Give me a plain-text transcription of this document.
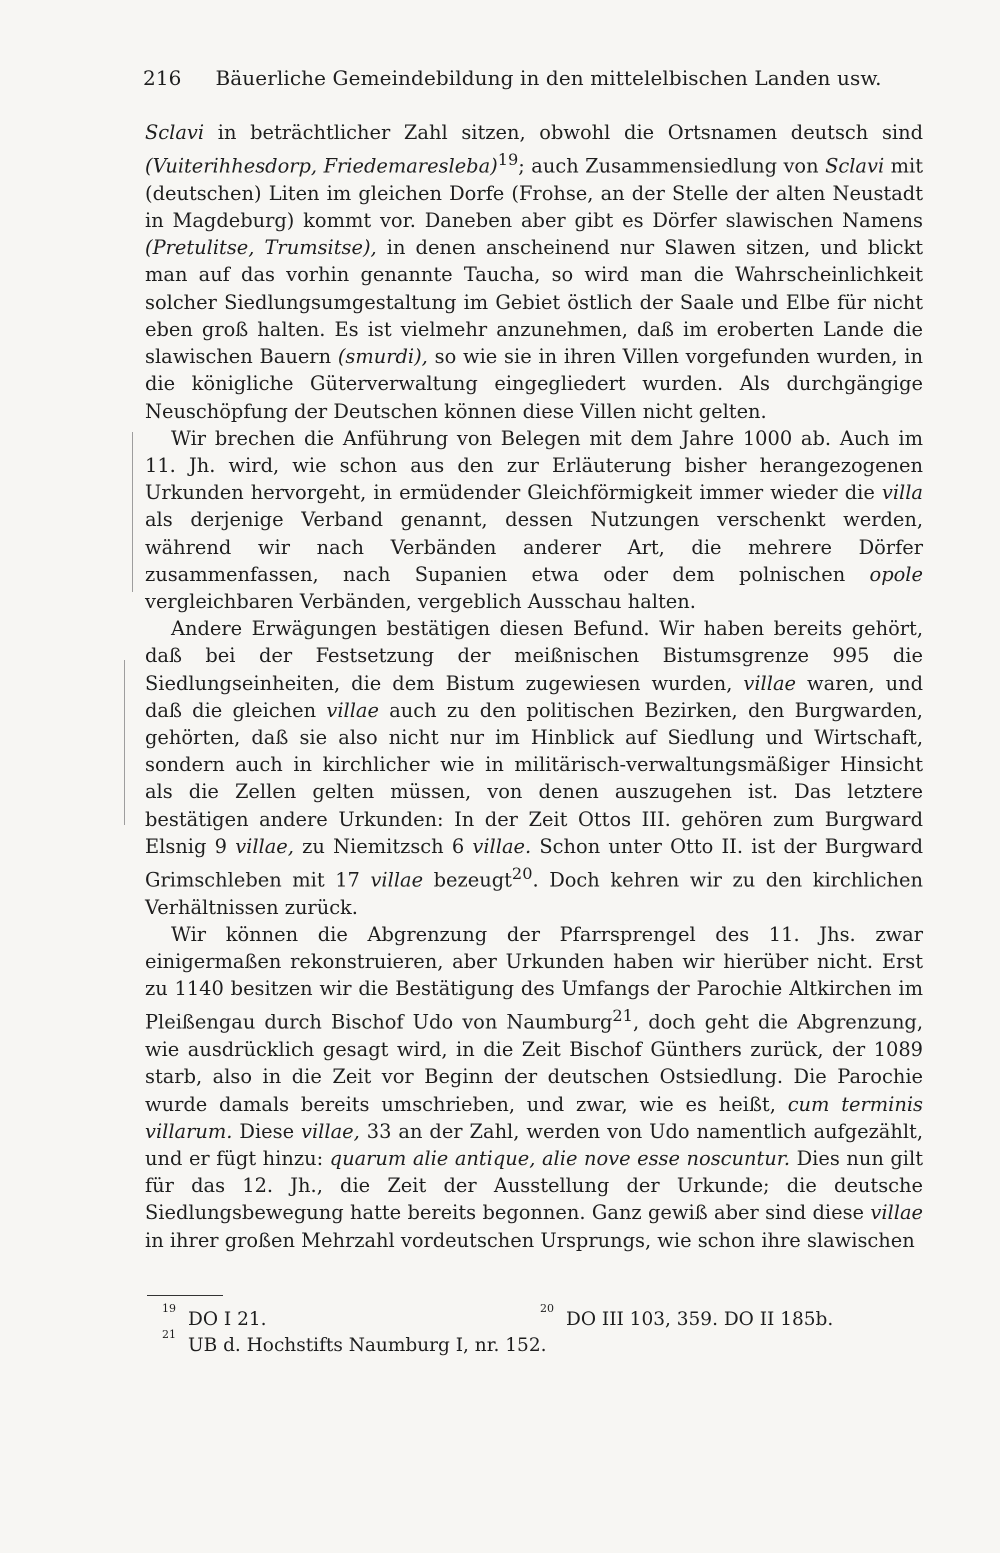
216 Bäuerliche Gemeindebildung in den mittelelbischen Landen usw.

Sclavi in beträchtlicher Zahl sitzen, obwohl die Ortsnamen deutsch sind (Vuiterihhesdorp, Friedemaresleba)$^{19}$; auch Zusammensiedlung von Sclavi mit (deutschen) Liten im gleichen Dorfe (Frohse, an der Stelle der alten Neustadt in Magdeburg) kommt vor. Daneben aber gibt es Dörfer slawischen Namens (Pretulitse, Trumsitse), in denen anscheinend nur Slawen sitzen, und blickt man auf das vorhin genannte Taucha, so wird man die Wahrscheinlichkeit solcher Siedlungsumgestaltung im Gebiet östlich der Saale und Elbe für nicht eben groß halten. Es ist vielmehr anzunehmen, daß im eroberten Lande die slawischen Bauern (smurdi), so wie sie in ihren Villen vorgefunden wurden, in die königliche Güterverwaltung eingegliedert wurden. Als durchgängige Neuschöpfung der Deutschen können diese Villen nicht gelten.

Wir brechen die Anführung von Belegen mit dem Jahre 1000 ab. Auch im 11. Jh. wird, wie schon aus den zur Erläuterung bisher herangezogenen Urkunden hervorgeht, in ermüdender Gleichförmigkeit immer wieder die villa als derjenige Verband genannt, dessen Nutzungen verschenkt werden, während wir nach Verbänden anderer Art, die mehrere Dörfer zusammenfassen, nach Supanien etwa oder dem polnischen opole vergleichbaren Verbänden, vergeblich Ausschau halten.

Andere Erwägungen bestätigen diesen Befund. Wir haben bereits gehört, daß bei der Festsetzung der meißnischen Bistumsgrenze 995 die Siedlungseinheiten, die dem Bistum zugewiesen wurden, villae waren, und daß die gleichen villae auch zu den politischen Bezirken, den Burgwarden, gehörten, daß sie also nicht nur im Hinblick auf Siedlung und Wirtschaft, sondern auch in kirchlicher wie in militärisch-verwaltungsmäßiger Hinsicht als die Zellen gelten müssen, von denen auszugehen ist. Das letztere bestätigen andere Urkunden: In der Zeit Ottos III. gehören zum Burgward Elsnig 9 villae, zu Niemitzsch 6 villae. Schon unter Otto II. ist der Burgward Grimschleben mit 17 villae bezeugt$^{20}$. Doch kehren wir zu den kirchlichen Verhältnissen zurück.

Wir können die Abgrenzung der Pfarrsprengel des 11. Jhs. zwar einigermaßen rekonstruieren, aber Urkunden haben wir hierüber nicht. Erst zu 1140 besitzen wir die Bestätigung des Umfangs der Parochie Altkirchen im Pleißengau durch Bischof Udo von Naumburg$^{21}$, doch geht die Abgrenzung, wie ausdrücklich gesagt wird, in die Zeit Bischof Günthers zurück, der 1089 starb, also in die Zeit vor Beginn der deutschen Ostsiedlung. Die Parochie wurde damals bereits umschrieben, und zwar, wie es heißt, cum terminis villarum. Diese villae, 33 an der Zahl, werden von Udo namentlich aufgezählt, und er fügt hinzu: quarum alie antique, alie nove esse noscuntur. Dies nun gilt für das 12. Jh., die Zeit der Ausstellung der Urkunde; die deutsche Siedlungsbewegung hatte bereits begonnen. Ganz gewiß aber sind diese villae in ihrer großen Mehrzahl vordeutschen Ursprungs, wie schon ihre slawischen

$^{19}$DO I 21.
$^{20}$DO III 103, 359. DO II 185b.
$^{21}$UB d. Hochstifts Naumburg I, nr. 152.
